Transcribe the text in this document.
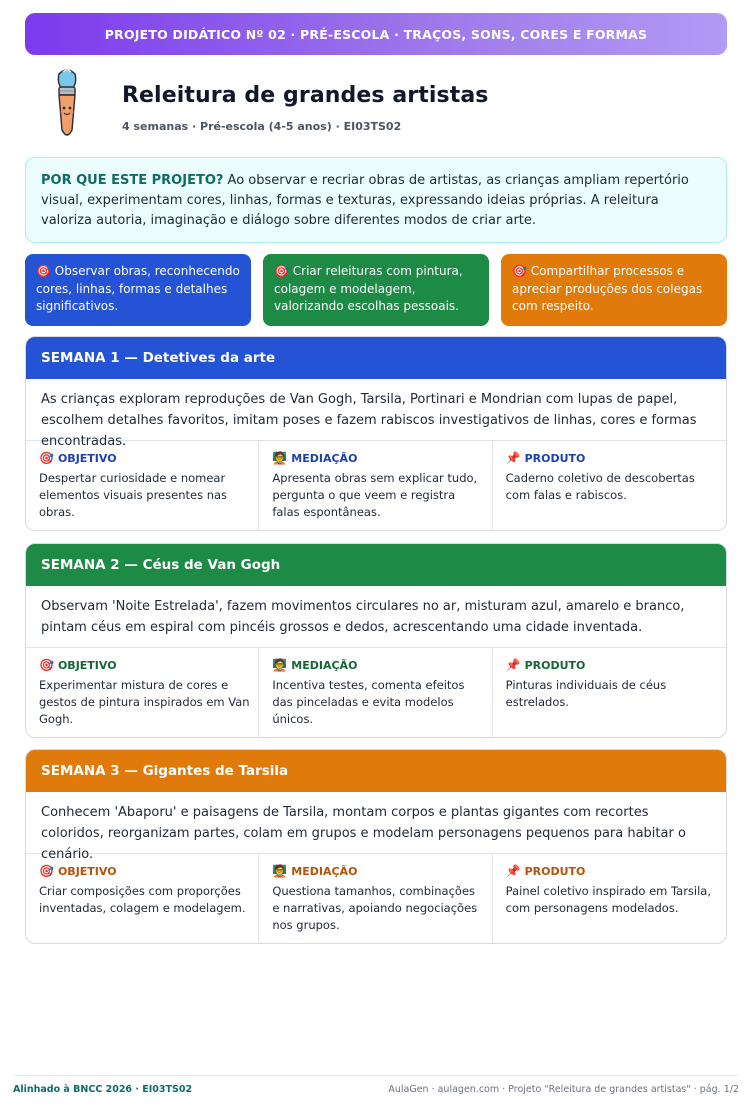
PROJETO DIDÁTICO Nº 02 · PRÉ-ESCOLA · TRAÇOS, SONS, CORES E FORMAS
Releitura de grandes artistas
4 semanas · Pré-escola (4-5 anos) · EI03TS02
POR QUE ESTE PROJETO? Ao observar e recriar obras de artistas, as crianças ampliam repertório visual, experimentam cores, linhas, formas e texturas, expressando ideias próprias. A releitura valoriza autoria, imaginação e diálogo sobre diferentes modos de criar arte.
🎯 Observar obras, reconhecendo cores, linhas, formas e detalhes significativos.
🎯 Criar releituras com pintura, colagem e modelagem, valorizando escolhas pessoais.
🎯 Compartilhar processos e apreciar produções dos colegas com respeito.
SEMANA 1 — Detetives da arte
As crianças exploram reproduções de Van Gogh, Tarsila, Portinari e Mondrian com lupas de papel, escolhem detalhes favoritos, imitam poses e fazem rabiscos investigativos de linhas, cores e formas encontradas.
🎯 OBJETIVO
Despertar curiosidade e nomear elementos visuais presentes nas obras.
🧑‍🏫 MEDIAÇÃO
Apresenta obras sem explicar tudo, pergunta o que veem e registra falas espontâneas.
📌 PRODUTO
Caderno coletivo de descobertas com falas e rabiscos.
SEMANA 2 — Céus de Van Gogh
Observam 'Noite Estrelada', fazem movimentos circulares no ar, misturam azul, amarelo e branco, pintam céus em espiral com pincéis grossos e dedos, acrescentando uma cidade inventada.
🎯 OBJETIVO
Experimentar mistura de cores e gestos de pintura inspirados em Van Gogh.
🧑‍🏫 MEDIAÇÃO
Incentiva testes, comenta efeitos das pinceladas e evita modelos únicos.
📌 PRODUTO
Pinturas individuais de céus estrelados.
SEMANA 3 — Gigantes de Tarsila
Conhecem 'Abaporu' e paisagens de Tarsila, montam corpos e plantas gigantes com recortes coloridos, reorganizam partes, colam em grupos e modelam personagens pequenos para habitar o cenário.
🎯 OBJETIVO
Criar composições com proporções inventadas, colagem e modelagem.
🧑‍🏫 MEDIAÇÃO
Questiona tamanhos, combinações e narrativas, apoiando negociações nos grupos.
📌 PRODUTO
Painel coletivo inspirado em Tarsila, com personagens modelados.
Alinhado à BNCC 2026 · EI03TS02	AulaGen · aulagen.com · Projeto "Releitura de grandes artistas" · pág. 1/2
